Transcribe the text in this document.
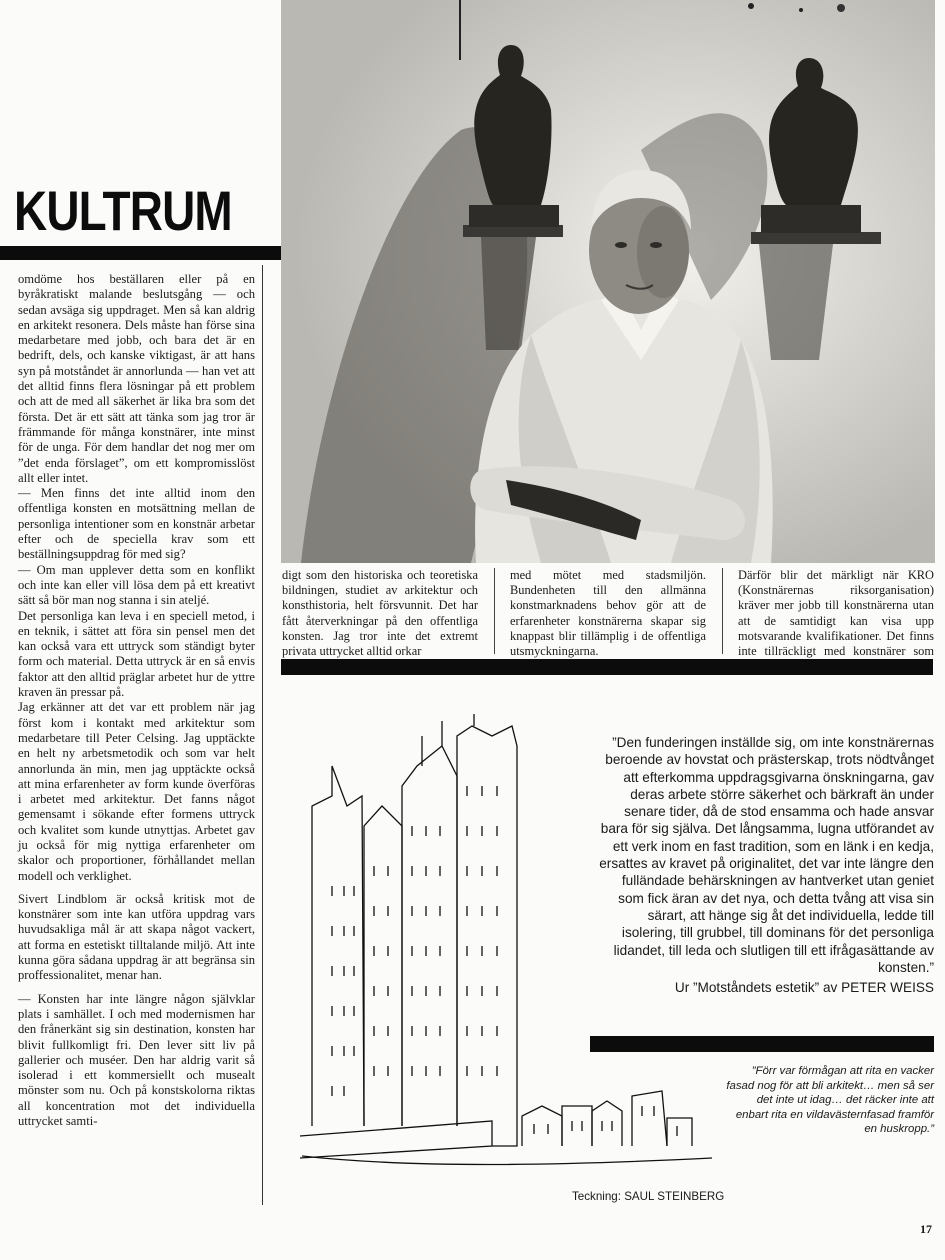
KULTRUM

omdöme hos beställaren eller på en byråkratiskt malande beslutsgång — och sedan avsäga sig uppdraget. Men så kan aldrig en arkitekt resonera. Dels måste han förse sina medarbetare med jobb, och bara det är en bedrift, dels, och kanske viktigast, är att hans syn på motståndet är annorlunda — han vet att det alltid finns flera lösningar på ett problem och att de med all säkerhet är lika bra som det första. Det är ett sätt att tänka som jag tror är främmande för många konstnärer, inte minst för de unga. För dem handlar det nog mer om ”det enda förslaget”, om ett kompromisslöst allt eller intet.

— Men finns det inte alltid inom den offentliga konsten en motsättning mellan de personliga intentioner som en konstnär arbetar efter och de speciella krav som ett beställningsuppdrag för med sig?

— Om man upplever detta som en konflikt och inte kan eller vill lösa dem på ett kreativt sätt så bör man nog stanna i sin ateljé.

Det personliga kan leva i en speciell metod, i en teknik, i sättet att föra sin pensel men det kan också vara ett uttryck som ständigt byter form och material. Detta uttryck är en så envis faktor att den alltid präglar arbetet hur de yttre kraven än pressar på.

Jag erkänner att det var ett problem när jag först kom i kontakt med arkitektur som medarbetare till Peter Celsing. Jag upptäckte en helt ny arbetsmetodik och som var helt annorlunda än min, men jag upptäckte också att mina erfarenheter av form kunde överföras i arbetet med arkitektur. Det fanns något gemensamt i sökande efter formens uttryck och kvalitet som kunde utnyttjas. Arbetet gav ju också för mig nyttiga erfarenheter om skalor och proportioner, förhållandet mellan modell och verklighet.

Sivert Lindblom är också kritisk mot de konstnärer som inte kan utföra uppdrag vars huvudsakliga mål är att skapa något vackert, att forma en estetiskt tilltalande miljö. Att inte kunna göra sådana uppdrag är att begränsa sin proffessionalitet, menar han.

— Konsten har inte längre någon självklar plats i samhället. I och med modernismen har den frånerkänt sig sin destination, konsten har blivit fullkomligt fri. Den lever sitt liv på gallerier och muséer. Den har aldrig varit så isolerad i ett kommersiellt och musealt mönster som nu. Och på konstskolorna riktas all koncentration mot det individuella uttrycket samti-

digt som den historiska och teoretiska bildningen, studiet av arkitektur och konsthistoria, helt försvunnit. Det har fått återverkningar på den offentliga konsten. Jag tror inte det extremt privata uttrycket alltid orkar

med mötet med stadsmiljön. Bundenheten till den allmänna konstmarknadens behov gör att de erfarenheter konstnärerna skapar sig knappast blir tillämplig i de offentliga utsmyckningarna.

Därför blir det märkligt när KRO (Konstnärernas riksorganisation) kräver mer jobb till konstnärerna utan att de samtidigt kan visa upp motsvarande kvalifikationer. Det finns inte tillräckligt med konstnärer som

”Den funderingen inställde sig, om inte konstnärernas beroende av hovstat och prästerskap, trots nödtvånget att efterkomma uppdragsgivarna önskningarna, gav deras arbete större säkerhet och bärkraft än under senare tider, då de stod ensamma och hade ansvar bara för sig själva. Det långsamma, lugna utförandet av ett verk inom en fast tradition, som en länk i en kedja, ersattes av kravet på originalitet, det var inte längre den fulländade behärskningen av hantverket utan geniet som fick äran av det nya, och detta tvång att visa sin särart, att hänge sig åt det individuella, ledde till isolering, till grubbel, till dominans för det personliga lidandet, till leda och slutligen till ett ifrågasättande av konsten.”

Ur ”Motståndets estetik” av PETER WEISS

”Förr var förmågan att rita en vacker fasad nog för att bli arkitekt… men så ser det inte ut idag… det räcker inte att enbart rita en vildavästernfasad framför en huskropp.”

Teckning: SAUL STEINBERG
17
